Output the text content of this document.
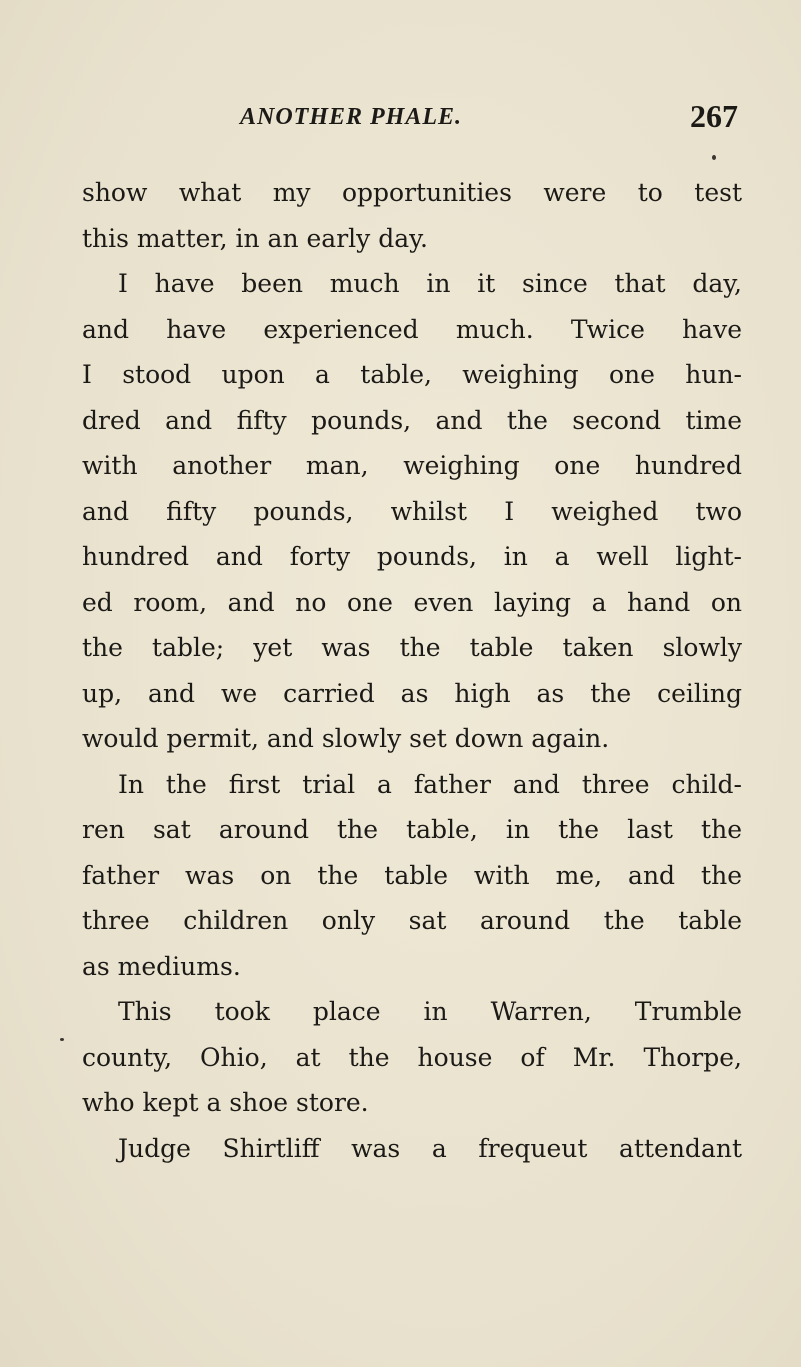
ANOTHER PHALE.	267
show what my opportunities were to test
this matter, in an early day.
I have been much in it since that day,
and have experienced much. Twice have
I stood upon a table, weighing one hun-
dred and fifty pounds, and the second time
with another man, weighing one hundred
and fifty pounds, whilst I weighed two
hundred and forty pounds, in a well light-
ed room, and no one even laying a hand on
the table; yet was the table taken slowly
up, and we carried as high as the ceiling
would permit, and slowly set down again.
In the first trial a father and three child-
ren sat around the table, in the last the
father was on the table with me, and the
three children only sat around the table
as mediums.
This took place in Warren, Trumble
county, Ohio, at the house of Mr. Thorpe,
who kept a shoe store.
Judge Shirtliff was a frequeut attendant
